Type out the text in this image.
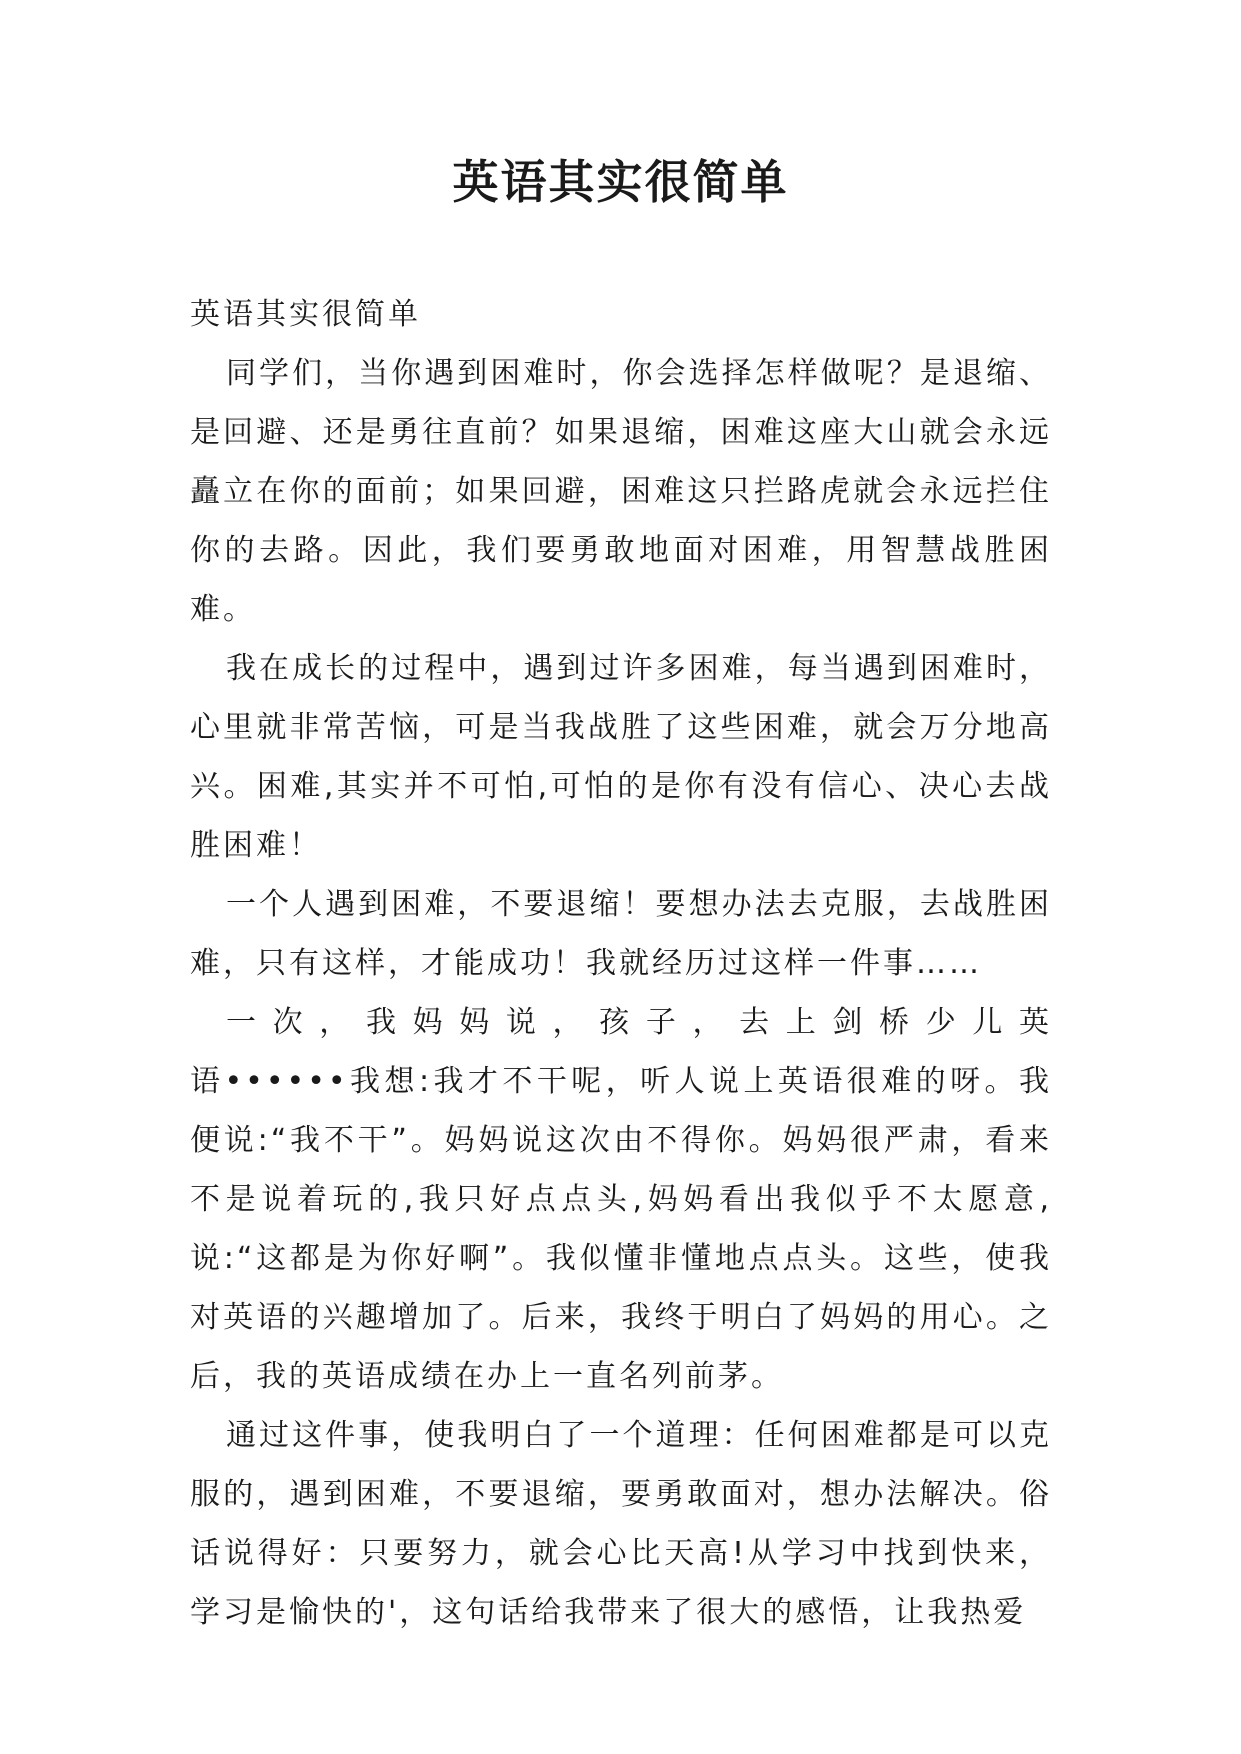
英语其实很简单

英语其实很简单

同学们，当你遇到困难时，你会选择怎样做呢？是退缩、是回避、还是勇往直前？如果退缩，困难这座大山就会永远矗立在你的面前；如果回避，困难这只拦路虎就会永远拦住你的去路。因此，我们要勇敢地面对困难，用智慧战胜困难。

我在成长的过程中，遇到过许多困难，每当遇到困难时，心里就非常苦恼，可是当我战胜了这些困难，就会万分地高兴。困难,其实并不可怕,可怕的是你有没有信心、决心去战胜困难！

一个人遇到困难，不要退缩！要想办法去克服，去战胜困难，只有这样，才能成功！我就经历过这样一件事……

一次，我妈妈说，孩子，去上剑桥少儿英

语••••••我想:我才不干呢，听人说上英语很难的呀。我便说:“我不干”。妈妈说这次由不得你。妈妈很严肃，看来不是说着玩的,我只好点点头,妈妈看出我似乎不太愿意,说:“这都是为你好啊”。我似懂非懂地点点头。这些，使我对英语的兴趣增加了。后来，我终于明白了妈妈的用心。之后，我的英语成绩在办上一直名列前茅。

通过这件事，使我明白了一个道理：任何困难都是可以克服的，遇到困难，不要退缩，要勇敢面对，想办法解决。俗话说得好：只要努力，就会心比天高!从学习中找到快来，学习是愉快的'，这句话给我带来了很大的感悟，让我热爱
